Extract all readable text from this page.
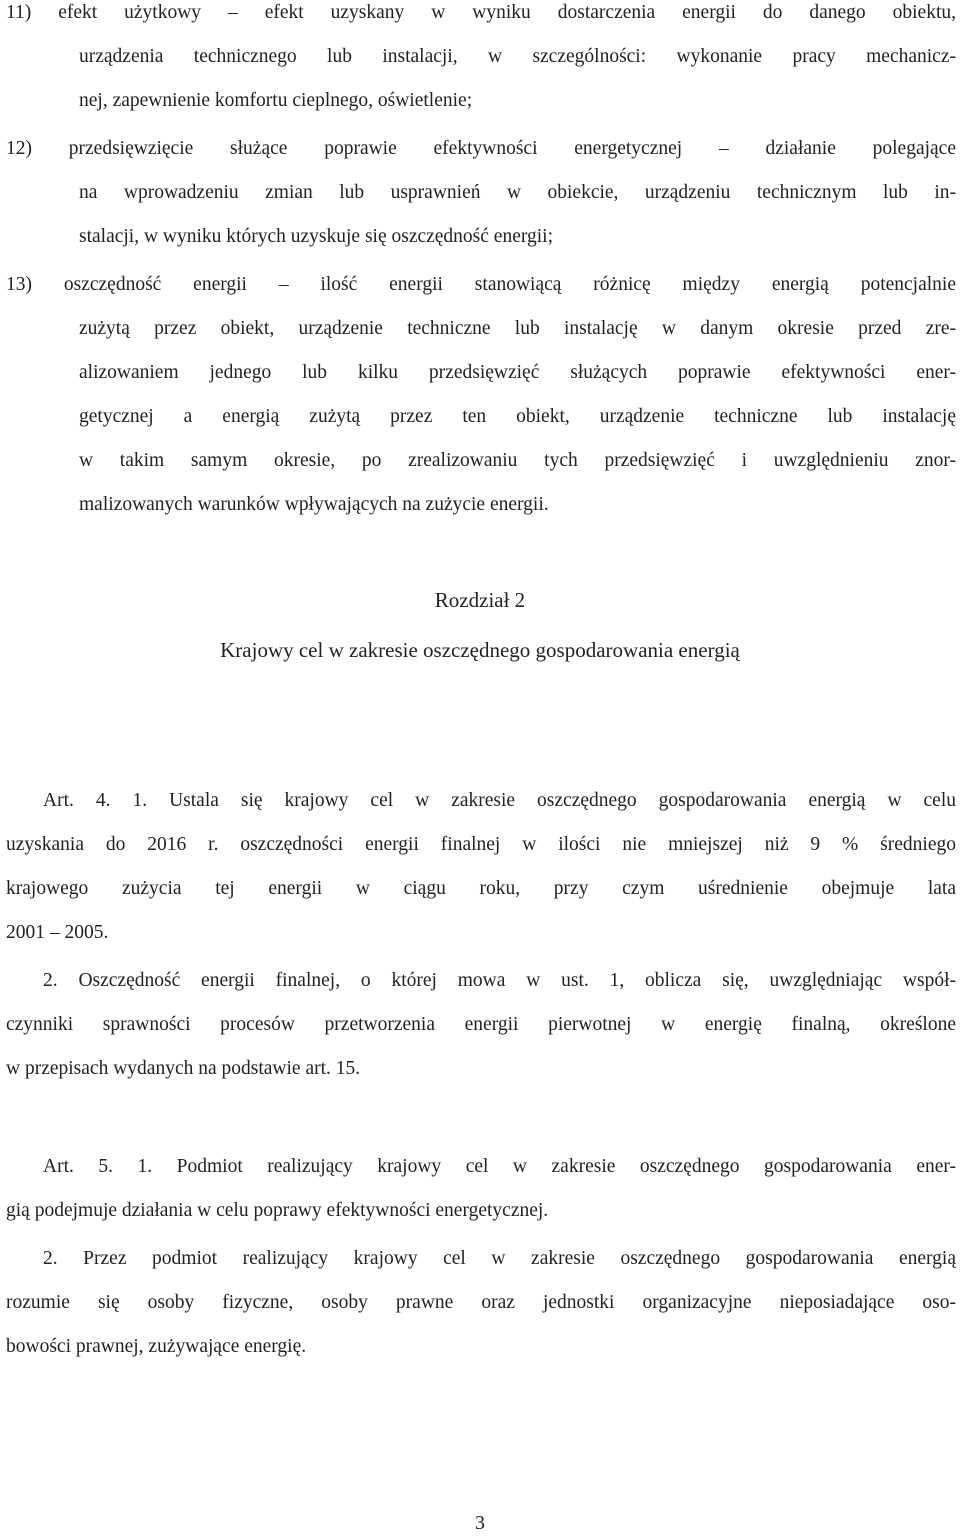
11) efekt użytkowy – efekt uzyskany w wyniku dostarczenia energii do danego obiektu,
urządzenia technicznego lub instalacji, w szczególności: wykonanie pracy mechanicz-
nej, zapewnienie komfortu cieplnego, oświetlenie;
12) przedsięwzięcie służące poprawie efektywności energetycznej – działanie polegające
na wprowadzeniu zmian lub usprawnień w obiekcie, urządzeniu technicznym lub in-
stalacji, w wyniku których uzyskuje się oszczędność energii;
13) oszczędność energii – ilość energii stanowiącą różnicę między energią potencjalnie
zużytą przez obiekt, urządzenie techniczne lub instalację w danym okresie przed zre-
alizowaniem jednego lub kilku przedsięwzięć służących poprawie efektywności ener-
getycznej a energią zużytą przez ten obiekt, urządzenie techniczne lub instalację
w takim samym okresie, po zrealizowaniu tych przedsięwzięć i uwzględnieniu znor-
malizowanych warunków wpływających na zużycie energii.
Rozdział 2
Krajowy cel w zakresie oszczędnego gospodarowania energią
Art. 4. 1. Ustala się krajowy cel w zakresie oszczędnego gospodarowania energią w celu
uzyskania do 2016 r. oszczędności energii finalnej w ilości nie mniejszej niż 9 % średniego
krajowego zużycia tej energii w ciągu roku, przy czym uśrednienie obejmuje lata
2001 – 2005.
2. Oszczędność energii finalnej, o której mowa w ust. 1, oblicza się, uwzględniając współ-
czynniki sprawności procesów przetworzenia energii pierwotnej w energię finalną, określone
w przepisach wydanych na podstawie art. 15.
Art. 5. 1. Podmiot realizujący krajowy cel w zakresie oszczędnego gospodarowania ener-
gią podejmuje działania w celu poprawy efektywności energetycznej.
2. Przez podmiot realizujący krajowy cel w zakresie oszczędnego gospodarowania energią
rozumie się osoby fizyczne, osoby prawne oraz jednostki organizacyjne nieposiadające oso-
bowości prawnej, zużywające energię.
3
